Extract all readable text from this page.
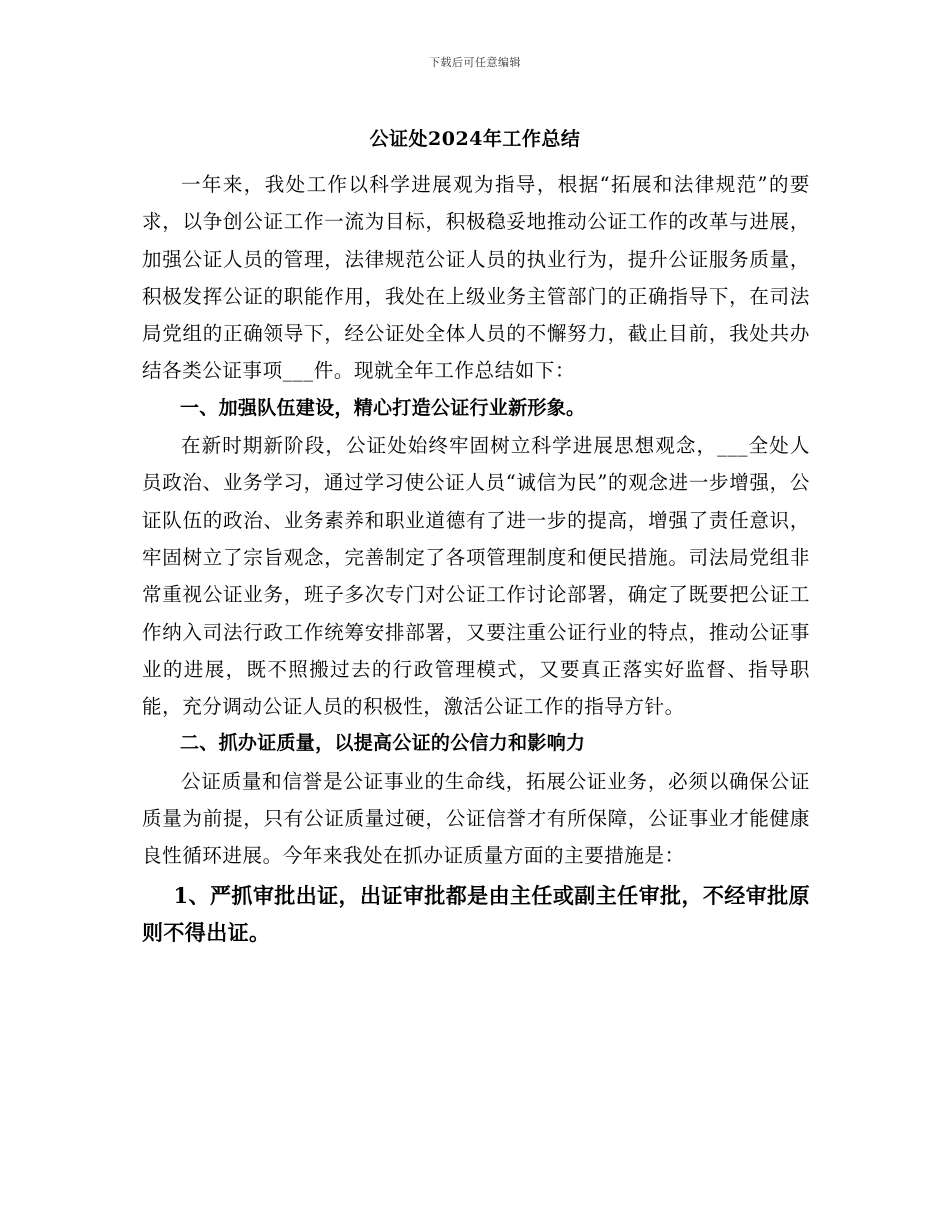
下载后可任意编辑
公证处2024年工作总结

一年来，我处工作以科学进展观为指导，根据“拓展和法律规范”的要求，以争创公证工作一流为目标，积极稳妥地推动公证工作的改革与进展，加强公证人员的管理，法律规范公证人员的执业行为，提升公证服务质量，积极发挥公证的职能作用，我处在上级业务主管部门的正确指导下，在司法局党组的正确领导下，经公证处全体人员的不懈努力，截止目前，我处共办结各类公证事项___件。现就全年工作总结如下：

一、加强队伍建设，精心打造公证行业新形象。

在新时期新阶段，公证处始终牢固树立科学进展思想观念，___全处人员政治、业务学习，通过学习使公证人员“诚信为民”的观念进一步增强，公证队伍的政治、业务素养和职业道德有了进一步的提高，增强了责任意识，牢固树立了宗旨观念，完善制定了各项管理制度和便民措施。司法局党组非常重视公证业务，班子多次专门对公证工作讨论部署，确定了既要把公证工作纳入司法行政工作统筹安排部署，又要注重公证行业的特点，推动公证事业的进展，既不照搬过去的行政管理模式，又要真正落实好监督、指导职能，充分调动公证人员的积极性，激活公证工作的指导方针。

二、抓办证质量，以提高公证的公信力和影响力

公证质量和信誉是公证事业的生命线，拓展公证业务，必须以确保公证质量为前提，只有公证质量过硬，公证信誉才有所保障，公证事业才能健康良性循环进展。今年来我处在抓办证质量方面的主要措施是：

1、严抓审批出证，出证审批都是由主任或副主任审批，不经审批原则不得出证。
